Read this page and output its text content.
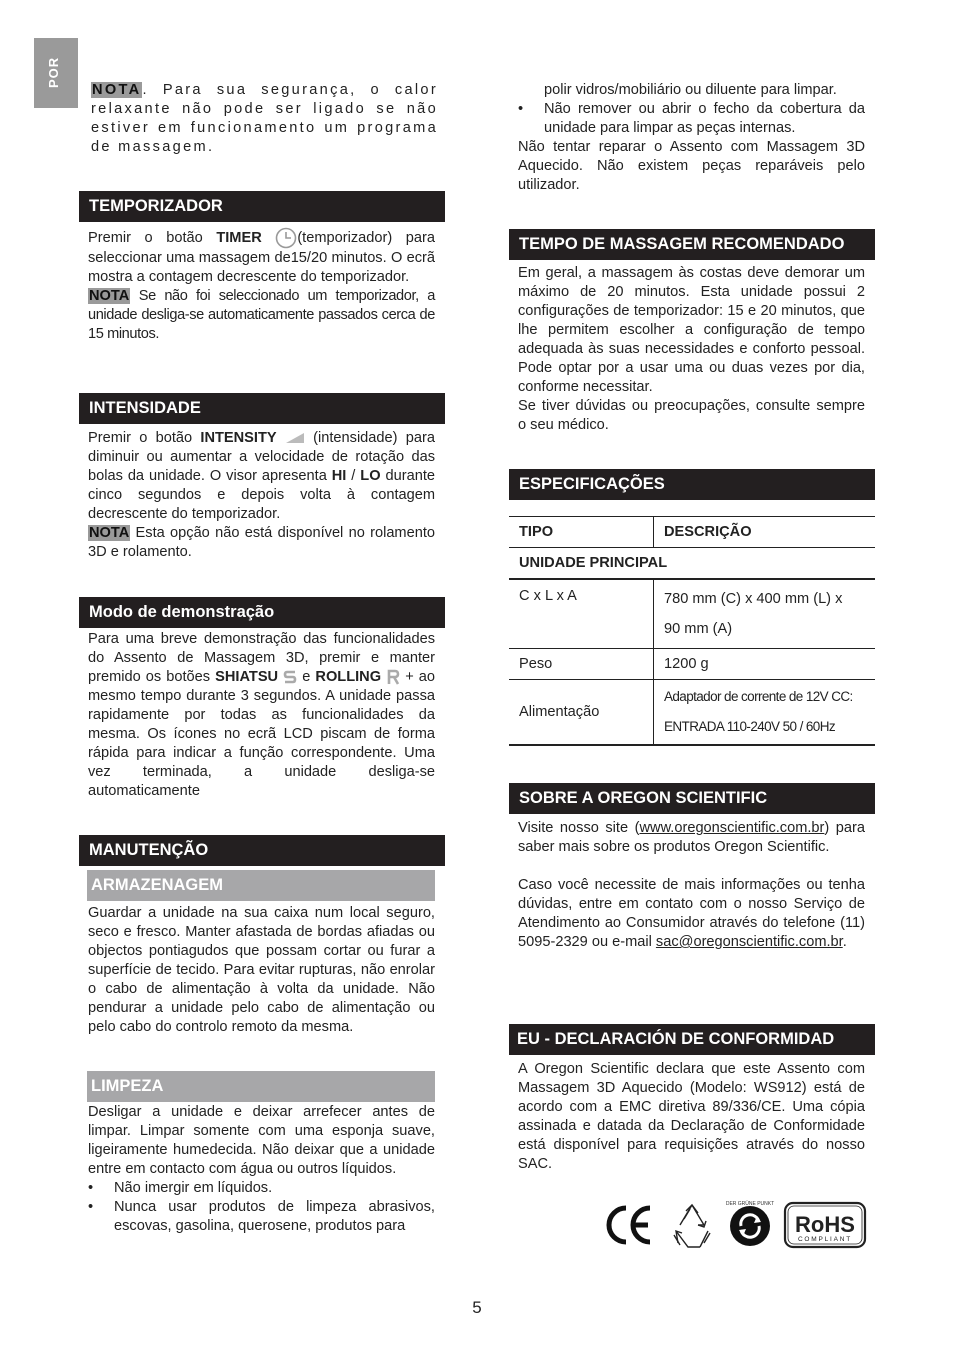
POR

NOTA. Para sua segurança, o calor relaxante não pode ser ligado se não estiver em funcionamento um programa de massagem.

TEMPORIZADOR

Premir o botão TIMER (temporizador) para seleccionar uma massagem de15/20 minutos. O ecrã mostra a contagem decrescente do temporizador.

NOTA Se não foi seleccionado um temporizador, a unidade desliga-se automaticamente passados cerca de 15 minutos.

INTENSIDADE

Premir o botão INTENSITY  (intensidade) para diminuir ou aumentar a velocidade de rotação das bolas da unidade. O visor apresenta HI / LO durante cinco segundos e depois volta à contagem decrescente do temporizador.

NOTA Esta opção não está disponível no rolamento 3D e rolamento.

Modo de demonstração

Para uma breve demonstração das funcionalidades do Assento de Massagem 3D, premir e manter premido os botões SHIATSU  e ROLLING  + ao mesmo tempo durante 3 segundos. A unidade passa rapidamente por todas as funcionalidades da mesma. Os ícones no ecrã LCD piscam de forma rápida para indicar a função correspondente. Uma vez terminada, a unidade desliga-se automaticamente

MANUTENÇÃO
ARMAZENAGEM

Guardar a unidade na sua caixa num local seguro, seco e fresco. Manter afastada de bordas afiadas ou objectos pontiagudos que possam cortar ou furar a superfície de tecido. Para evitar rupturas, não enrolar o cabo de alimentação à volta da unidade. Não pendurar a unidade pelo cabo de alimentação ou pelo cabo do controlo remoto da mesma.

LIMPEZA

Desligar a unidade e deixar arrefecer antes de limpar. Limpar somente com uma esponja suave, ligeiramente humedecida. Não deixar que a unidade entre em contacto com água ou outros líquidos.

• Não imergir em líquidos.
• Nunca usar produtos de limpeza abrasivos, escovas, gasolina, querosene, produtos para

polir vidros/mobiliário ou diluente para limpar.

• Não remover ou abrir o fecho da cobertura da unidade para limpar as peças internas.

Não tentar reparar o Assento com Massagem 3D Aquecido. Não existem peças reparáveis pelo utilizador.

TEMPO DE MASSAGEM RECOMENDADO

Em geral, a massagem às costas deve demorar um máximo de 20 minutos. Esta unidade possui 2 configurações de temporizador: 15 e 20 minutos, que lhe permitem escolher a configuração de tempo adequada às suas necessidades e conforto pessoal. Pode optar por a usar uma ou duas vezes por dia, conforme necessitar.

Se tiver dúvidas ou preocupações, consulte sempre o seu médico.

ESPECIFICAÇÕES
TIPO	DESCRIÇÃO
UNIDADE PRINCIPAL	
C x L x A	780 mm (C) x 400 mm (L) x
90 mm (A)
Peso	1200 g
Alimentação	Adaptador de corrente de 12V CC:
ENTRADA 110-240V 50 / 60Hz
SOBRE A OREGON SCIENTIFIC

Visite nosso site (www.oregonscientific.com.br) para saber mais sobre os produtos Oregon Scientific.

Caso você necessite de mais informações ou tenha dúvidas, entre em contato com o nosso Serviço de Atendimento ao Consumidor através do telefone (11) 5095-2329 ou e-mail sac@oregonscientific.com.br.

EU - DECLARACIÓN DE CONFORMIDAD

A Oregon Scientific declara que este Assento com Massagem 3D Aquecido (Modelo: WS912) está de acordo com a EMC diretiva 89/336/CE. Uma cópia assinada e datada da Declaração de Conformidade está disponível para requisições através do nosso SAC.

DER GRÜNE PUNKT
RoHS
COMPLIANT
5
